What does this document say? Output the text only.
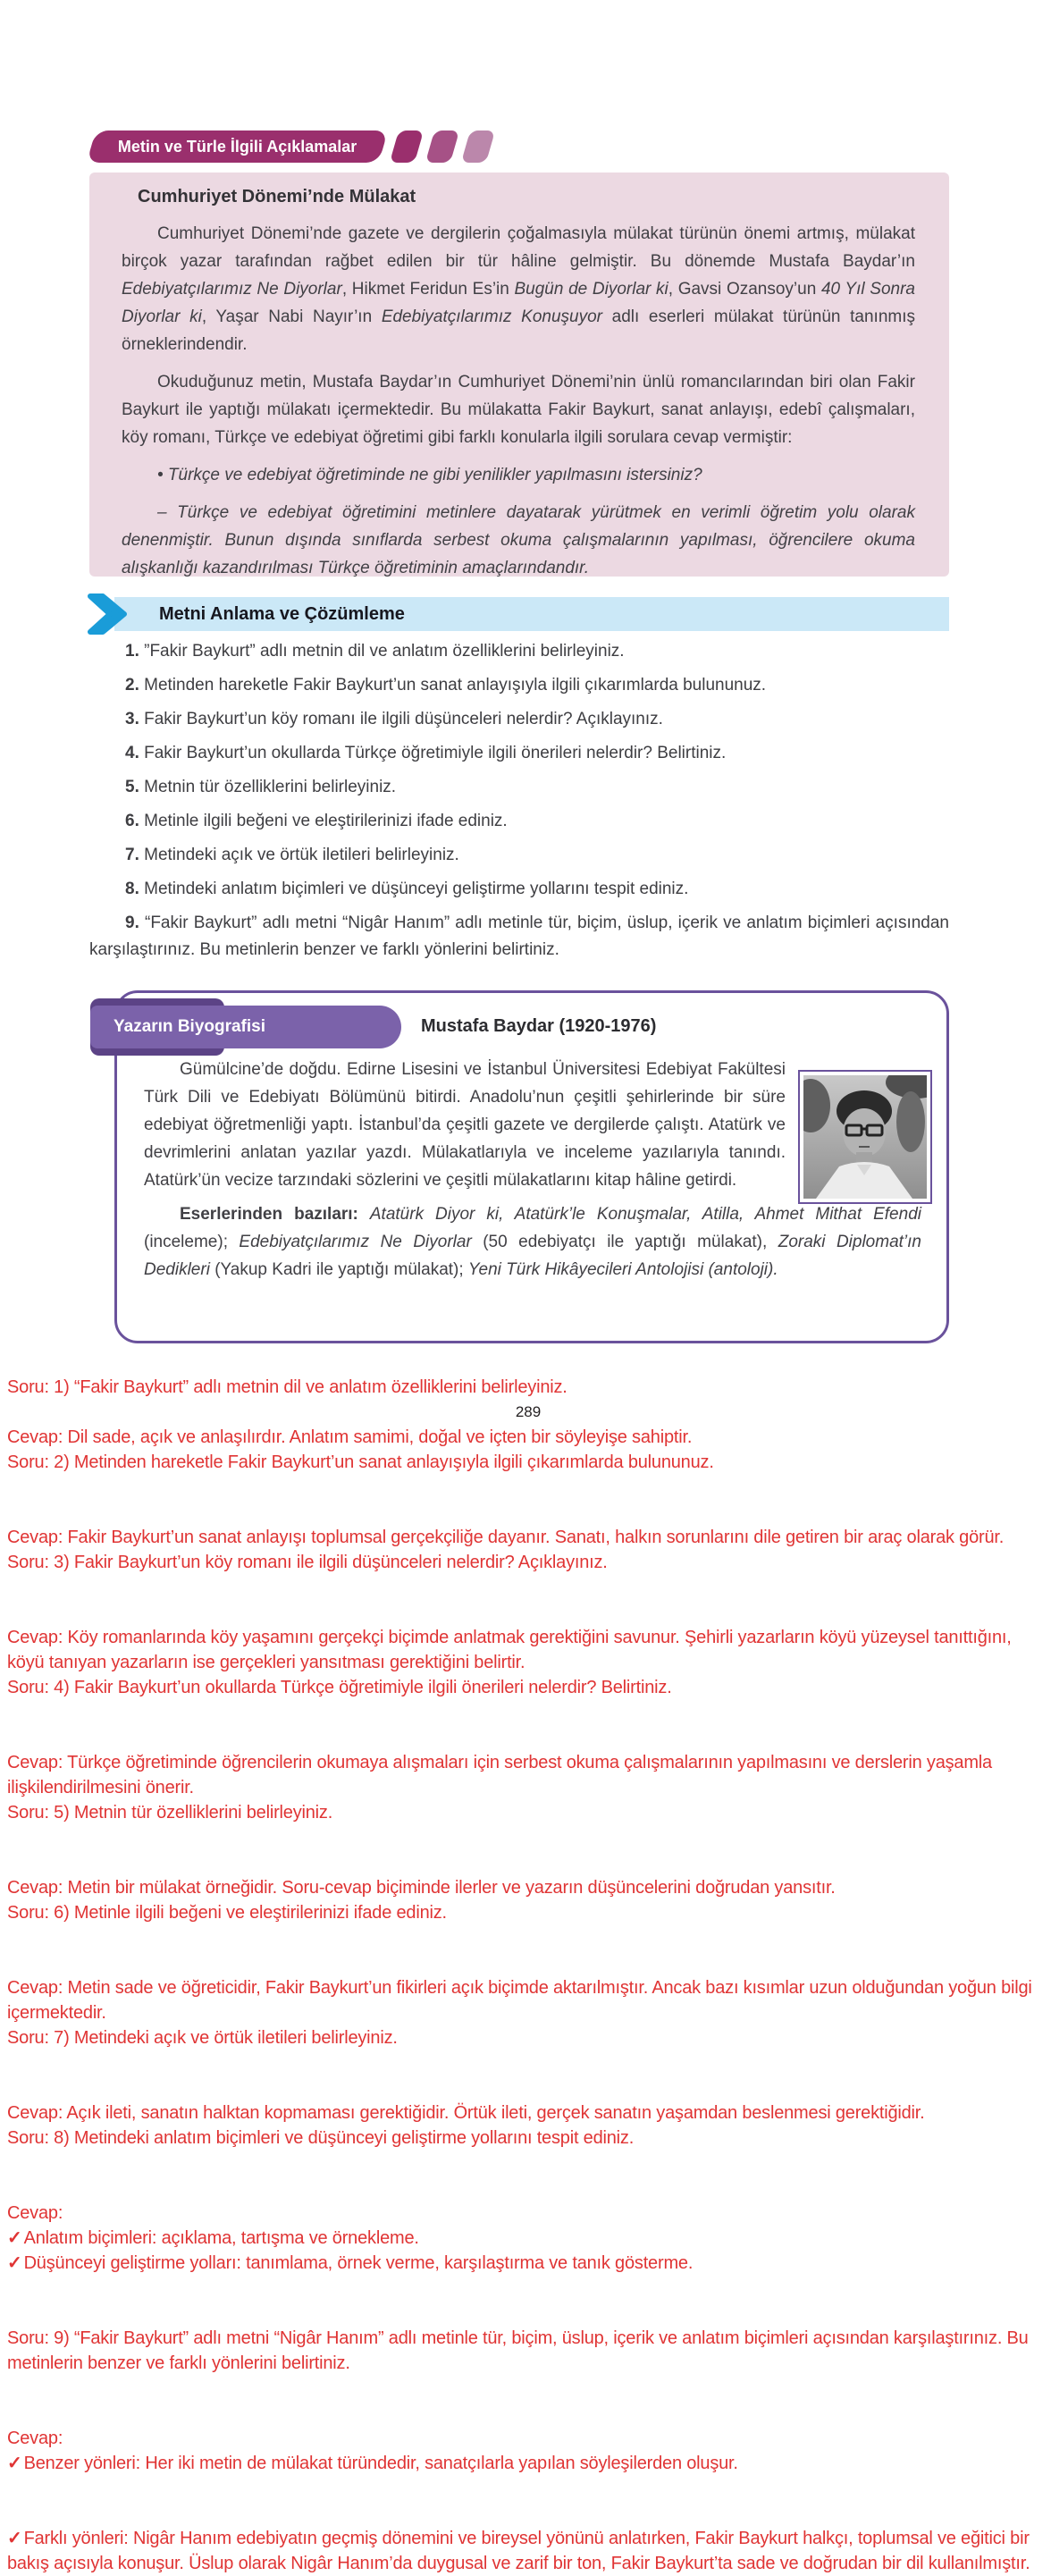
Metin ve Türle İlgili Açıklamalar

Cumhuriyet Dönemi’nde Mülakat

Cumhuriyet Dönemi’nde gazete ve dergilerin çoğalmasıyla mülakat türünün önemi artmış, mülakat birçok yazar tarafından rağbet edilen bir tür hâline gelmiştir. Bu dönemde Mustafa Baydar’ın Edebiyatçılarımız Ne Diyorlar, Hikmet Feridun Es’in Bugün de Diyorlar ki, Gavsi Ozansoy’un 40 Yıl Sonra Diyorlar ki, Yaşar Nabi Nayır’ın Edebiyatçılarımız Konuşuyor adlı eserleri mülakat türünün tanınmış örneklerindendir.

Okuduğunuz metin, Mustafa Baydar’ın Cumhuriyet Dönemi’nin ünlü romancılarından biri olan Fakir Baykurt ile yaptığı mülakatı içermektedir. Bu mülakatta Fakir Baykurt, sanat anlayışı, edebî çalışmaları, köy romanı, Türkçe ve edebiyat öğretimi gibi farklı konularla ilgili sorulara cevap vermiştir:

• Türkçe ve edebiyat öğretiminde ne gibi yenilikler yapılmasını istersiniz?

– Türkçe ve edebiyat öğretimini metinlere dayatarak yürütmek en verimli öğretim yolu olarak denenmiştir. Bunun dışında sınıflarda serbest okuma çalışmalarının yapılması, öğrencilere okuma alışkanlığı kazandırılması Türkçe öğretiminin amaçlarındandır.

Metni Anlama ve Çözümleme

1. ”Fakir Baykurt” adlı metnin dil ve anlatım özelliklerini belirleyiniz.

2. Metinden hareketle Fakir Baykurt’un sanat anlayışıyla ilgili çıkarımlarda bulununuz.

3. Fakir Baykurt’un köy romanı ile ilgili düşünceleri nelerdir? Açıklayınız.

4. Fakir Baykurt’un okullarda Türkçe öğretimiyle ilgili önerileri nelerdir? Belirtiniz.

5. Metnin tür özelliklerini belirleyiniz.

6. Metinle ilgili beğeni ve eleştirilerinizi ifade ediniz.

7. Metindeki açık ve örtük iletileri belirleyiniz.

8. Metindeki anlatım biçimleri ve düşünceyi geliştirme yollarını tespit ediniz.

9. “Fakir Baykurt” adlı metni “Nigâr Hanım” adlı metinle tür, biçim, üslup, içerik ve anlatım biçimleri açısından karşılaştırınız. Bu metinlerin benzer ve farklı yönlerini belirtiniz.

Yazarın Biyografisi	Mustafa Baydar (1920-1976)

Gümülcine’de doğdu. Edirne Lisesini ve İstanbul Üniversitesi Edebiyat Fakültesi Türk Dili ve Edebiyatı Bölümünü bitirdi. Anadolu’nun çeşitli şehirlerinde bir süre edebiyat öğretmenliği yaptı. İstanbul’da çeşitli gazete ve dergilerde çalıştı. Atatürk ve devrimlerini anlatan yazılar yazdı. Mülakatlarıyla ve inceleme yazılarıyla tanındı. Atatürk’ün vecize tarzındaki sözlerini ve çeşitli mülakatlarını kitap hâline getirdi.

Eserlerinden bazıları: Atatürk Diyor ki, Atatürk’le Konuşmalar, Atilla, Ahmet Mithat Efendi (inceleme); Edebiyatçılarımız Ne Diyorlar (50 edebiyatçı ile yaptığı mülakat), Zoraki Diplomat’ın Dedikleri (Yakup Kadri ile yaptığı mülakat); Yeni Türk Hikâyecileri Antolojisi (antoloji).

Soru: 1) “Fakir Baykurt” adlı metnin dil ve anlatım özelliklerini belirleyiniz.
289
Cevap: Dil sade, açık ve anlaşılırdır. Anlatım samimi, doğal ve içten bir söyleyişe sahiptir.
Soru: 2) Metinden hareketle Fakir Baykurt’un sanat anlayışıyla ilgili çıkarımlarda bulununuz.
Cevap: Fakir Baykurt’un sanat anlayışı toplumsal gerçekçiliğe dayanır. Sanatı, halkın sorunlarını dile getiren bir araç olarak görür.
Soru: 3) Fakir Baykurt’un köy romanı ile ilgili düşünceleri nelerdir? Açıklayınız.
Cevap: Köy romanlarında köy yaşamını gerçekçi biçimde anlatmak gerektiğini savunur. Şehirli yazarların köyü yüzeysel tanıttığını, köyü tanıyan yazarların ise gerçekleri yansıtması gerektiğini belirtir.
Soru: 4) Fakir Baykurt’un okullarda Türkçe öğretimiyle ilgili önerileri nelerdir? Belirtiniz.
Cevap: Türkçe öğretiminde öğrencilerin okumaya alışmaları için serbest okuma çalışmalarının yapılmasını ve derslerin yaşamla ilişkilendirilmesini önerir.
Soru: 5) Metnin tür özelliklerini belirleyiniz.
Cevap: Metin bir mülakat örneğidir. Soru-cevap biçiminde ilerler ve yazarın düşüncelerini doğrudan yansıtır.
Soru: 6) Metinle ilgili beğeni ve eleştirilerinizi ifade ediniz.
Cevap: Metin sade ve öğreticidir, Fakir Baykurt’un fikirleri açık biçimde aktarılmıştır. Ancak bazı kısımlar uzun olduğundan yoğun bilgi içermektedir.
Soru: 7) Metindeki açık ve örtük iletileri belirleyiniz.
Cevap: Açık ileti, sanatın halktan kopmaması gerektiğidir. Örtük ileti, gerçek sanatın yaşamdan beslenmesi gerektiğidir.
Soru: 8) Metindeki anlatım biçimleri ve düşünceyi geliştirme yollarını tespit ediniz.
Cevap:
✓ Anlatım biçimleri: açıklama, tartışma ve örnekleme.
✓ Düşünceyi geliştirme yolları: tanımlama, örnek verme, karşılaştırma ve tanık gösterme.
Soru: 9) “Fakir Baykurt” adlı metni “Nigâr Hanım” adlı metinle tür, biçim, üslup, içerik ve anlatım biçimleri açısından karşılaştırınız. Bu metinlerin benzer ve farklı yönlerini belirtiniz.
Cevap:
✓ Benzer yönleri: Her iki metin de mülakat türündedir, sanatçılarla yapılan söyleşilerden oluşur.
✓ Farklı yönleri: Nigâr Hanım edebiyatın geçmiş dönemini ve bireysel yönünü anlatırken, Fakir Baykurt halkçı, toplumsal ve eğitici bir bakış açısıyla konuşur. Üslup olarak Nigâr Hanım’da duygusal ve zarif bir ton, Fakir Baykurt’ta sade ve doğrudan bir dil kullanılmıştır.
